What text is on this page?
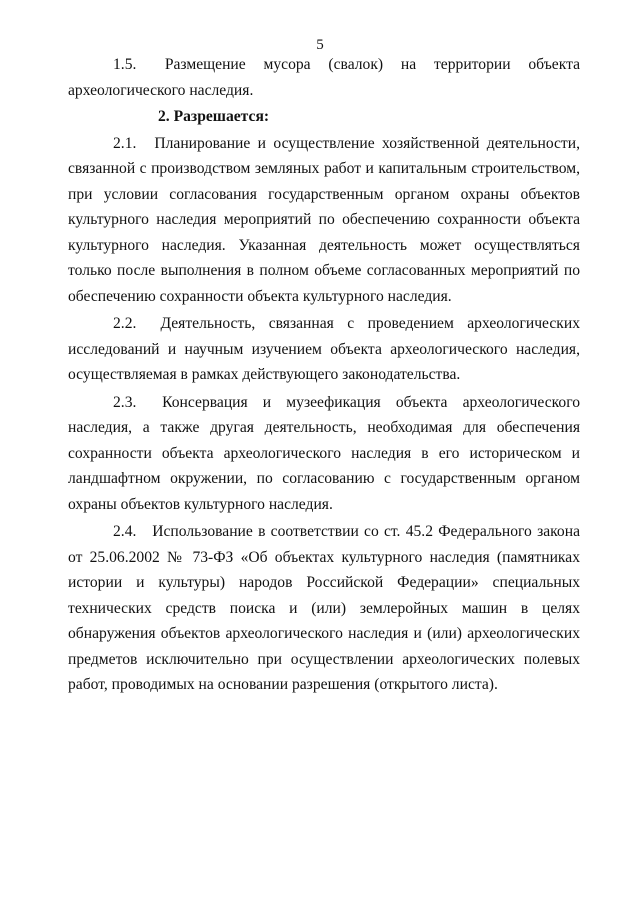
5

1.5. Размещение мусора (свалок) на территории объекта археологического наследия.

2. Разрешается:

2.1. Планирование и осуществление хозяйственной деятельности, связанной с производством земляных работ и капитальным строительством, при условии согласования государственным органом охраны объектов культурного наследия мероприятий по обеспечению сохранности объекта культурного наследия. Указанная деятельность может осуществляться только после выполнения в полном объеме согласованных мероприятий по обеспечению сохранности объекта культурного наследия.

2.2. Деятельность, связанная с проведением археологических исследований и научным изучением объекта археологического наследия, осуществляемая в рамках действующего законодательства.

2.3. Консервация и музеефикация объекта археологического наследия, а также другая деятельность, необходимая для обеспечения сохранности объекта археологического наследия в его историческом и ландшафтном окружении, по согласованию с государственным органом охраны объектов культурного наследия.

2.4. Использование в соответствии со ст. 45.2 Федерального закона от 25.06.2002 № 73-ФЗ «Об объектах культурного наследия (памятниках истории и культуры) народов Российской Федерации» специальных технических средств поиска и (или) землеройных машин в целях обнаружения объектов археологического наследия и (или) археологических предметов исключительно при осуществлении археологических полевых работ, проводимых на основании разрешения (открытого листа).
